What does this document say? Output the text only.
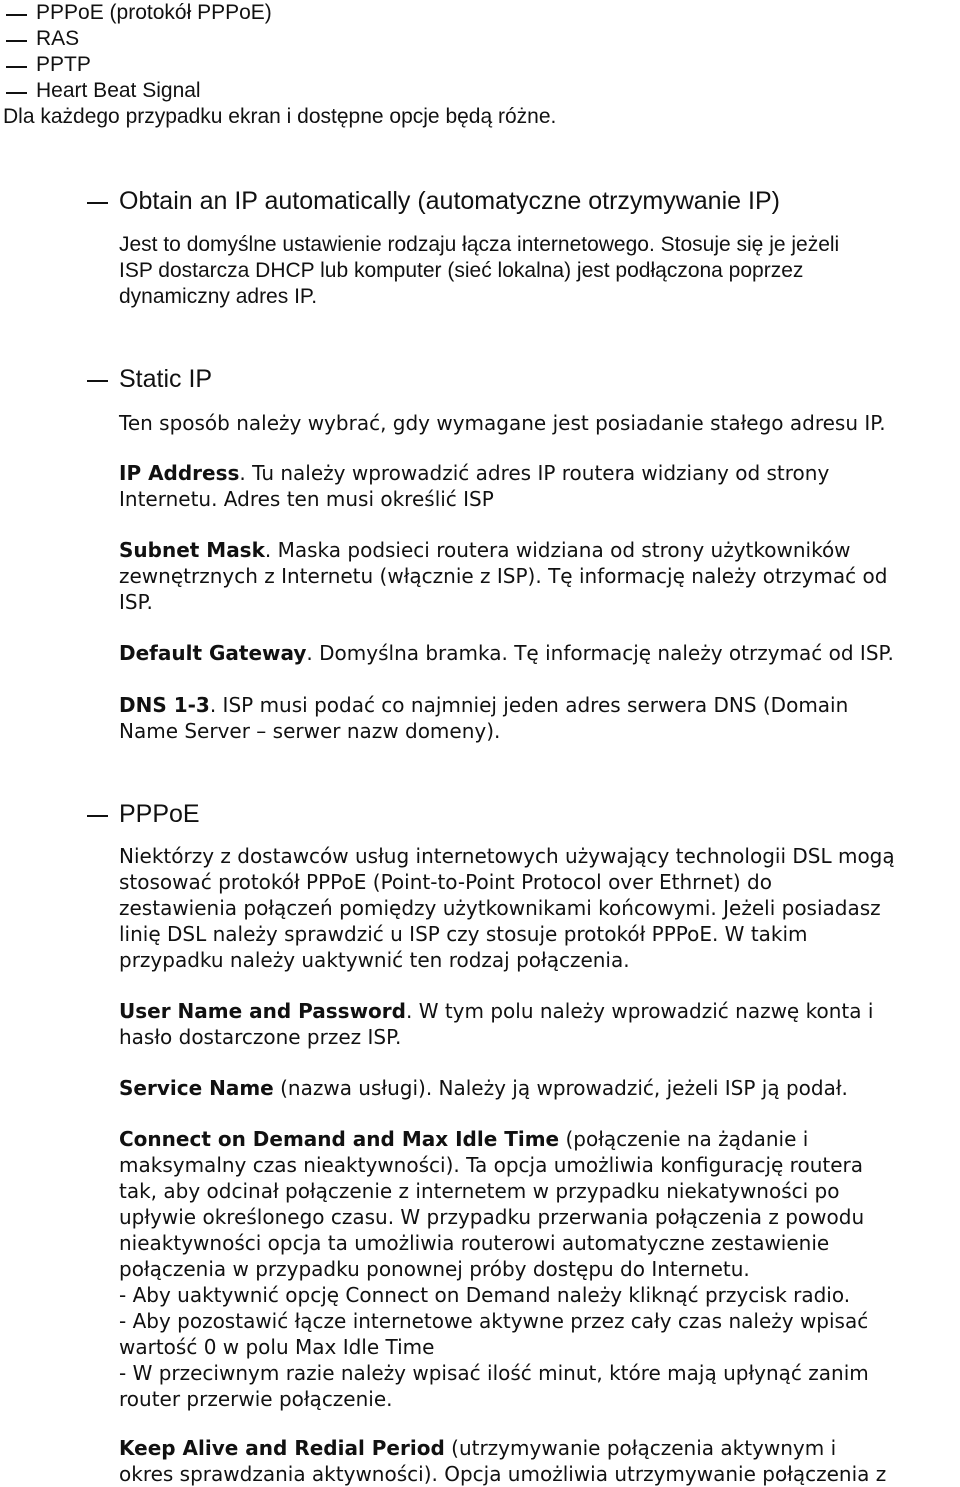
PPPoE (protokół PPPoE)
RAS
PPTP
Heart Beat Signal
Dla każdego przypadku ekran i dostępne opcje będą różne.
Obtain an IP automatically (automatyczne otrzymywanie IP)
Jest to domyślne ustawienie rodzaju łącza internetowego. Stosuje się je jeżeli
ISP dostarcza DHCP lub komputer (sieć lokalna) jest podłączona poprzez
dynamiczny adres IP.
Static IP
Ten sposób należy wybrać, gdy wymagane jest posiadanie stałego adresu IP.
IP Address. Tu należy wprowadzić adres IP routera widziany od strony
Internetu. Adres ten musi określić ISP
Subnet Mask. Maska podsieci routera widziana od strony użytkowników
zewnętrznych z Internetu (włącznie z ISP). Tę informację należy otrzymać od
ISP.
Default Gateway. Domyślna bramka. Tę informację należy otrzymać od ISP.
DNS 1-3. ISP musi podać co najmniej jeden adres serwera DNS (Domain
Name Server – serwer nazw domeny).
PPPoE
Niektórzy z dostawców usług internetowych używający technologii DSL mogą
stosować protokół PPPoE (Point-to-Point Protocol over Ethrnet) do
zestawienia połączeń pomiędzy użytkownikami końcowymi. Jeżeli posiadasz
linię DSL należy sprawdzić u ISP czy stosuje protokół PPPoE. W takim
przypadku należy uaktywnić ten rodzaj połączenia.
User Name and Password. W tym polu należy wprowadzić nazwę konta i
hasło dostarczone przez ISP.
Service Name (nazwa usługi). Należy ją wprowadzić, jeżeli ISP ją podał.
Connect on Demand and Max Idle Time (połączenie na żądanie i
maksymalny czas nieaktywności). Ta opcja umożliwia konfigurację routera
tak, aby odcinał połączenie z internetem w przypadku niekatywności po
upływie określonego czasu. W przypadku przerwania połączenia z powodu
nieaktywności opcja ta umożliwia routerowi automatyczne zestawienie
połączenia w przypadku ponownej próby dostępu do Internetu.
- Aby uaktywnić opcję Connect on Demand należy kliknąć przycisk radio.
- Aby pozostawić łącze internetowe aktywne przez cały czas należy wpisać
wartość 0 w polu Max Idle Time
- W przeciwnym razie należy wpisać ilość minut, które mają upłynąć zanim
router przerwie połączenie.
Keep Alive and Redial Period (utrzymywanie połączenia aktywnym i
okres sprawdzania aktywności). Opcja umożliwia utrzymywanie połączenia z
